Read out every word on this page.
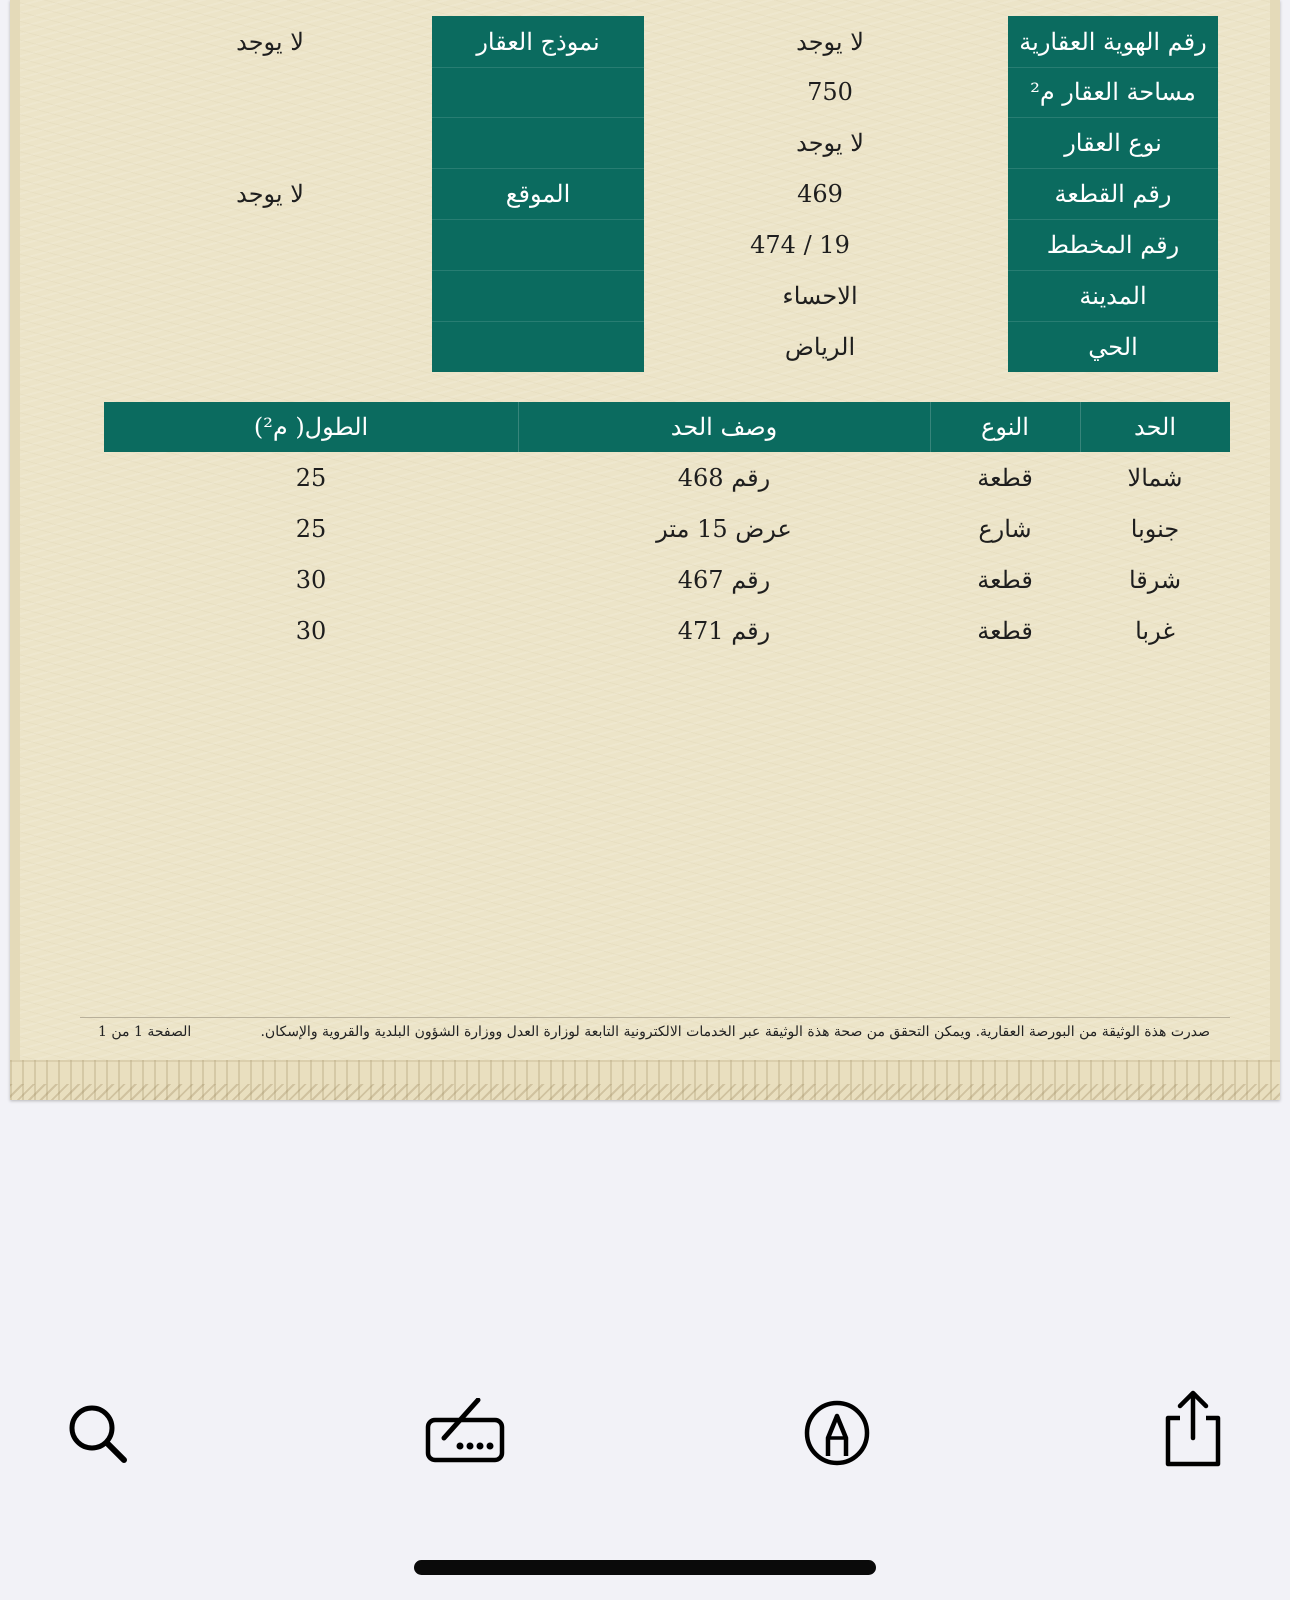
رقم الهوية العقارية
مساحة العقار م²
نوع العقار
رقم القطعة
رقم المخطط
المدينة
الحي
لا يوجد
750
لا يوجد
469
474 / 19
الاحساء
الرياض
نموذج العقار
الموقع
لا يوجد
لا يوجد
الحد
النوع
وصف الحد
الطول( م²)
شمالا
قطعة
رقم 468
25
جنوبا
شارع
عرض 15 متر
25
شرقا
قطعة
رقم 467
30
غربا
قطعة
رقم 471
30
صدرت هذة الوثيقة من البورصة العقارية. ويمكن التحقق من صحة هذة الوثيقة عبر الخدمات الالكترونية التابعة لوزارة العدل ووزارة الشؤون البلدية والقروية والإسكان.
الصفحة 1 من 1
